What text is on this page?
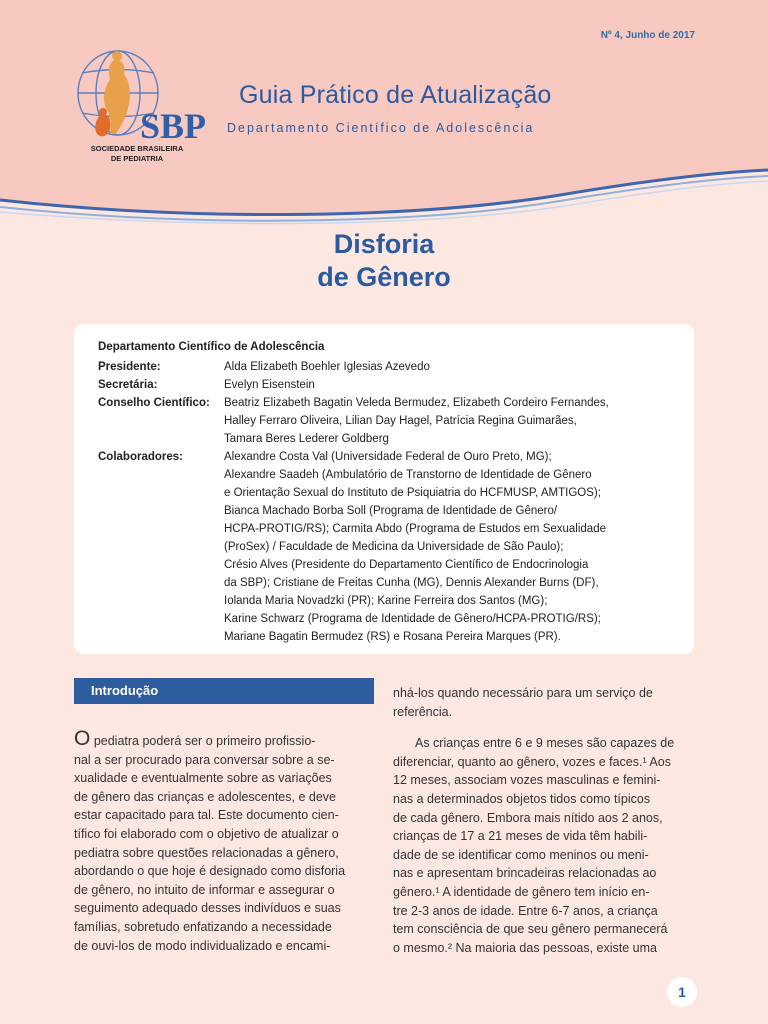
Nº 4, Junho de 2017
SBP
SOCIEDADE BRASILEIRA
DE PEDIATRIA
Guia Prático de Atualização
Departamento Científico de Adolescência
Disforia
de Gênero
Departamento Científico de Adolescência
Presidente:	Alda Elizabeth Boehler Iglesias Azevedo
Secretária:	Evelyn Eisenstein
Conselho Científico:	Beatriz Elizabeth Bagatin Veleda Bermudez, Elizabeth Cordeiro Fernandes,
Halley Ferraro Oliveira, Lilian Day Hagel, Patrícia Regina Guimarães,
Tamara Beres Lederer Goldberg
Colaboradores:	Alexandre Costa Val (Universidade Federal de Ouro Preto, MG);
Alexandre Saadeh (Ambulatório de Transtorno de Identidade de Gênero
e Orientação Sexual do Instituto de Psiquiatria do HCFMUSP, AMTIGOS);
Bianca Machado Borba Soll (Programa de Identidade de Gênero/
HCPA-PROTIG/RS); Carmita Abdo (Programa de Estudos em Sexualidade
(ProSex) / Faculdade de Medicina da Universidade de São Paulo);
Crésio Alves (Presidente do Departamento Científico de Endocrinologia
da SBP); Cristiane de Freitas Cunha (MG), Dennis Alexander Burns (DF),
Iolanda Maria Novadzki (PR); Karine Ferreira dos Santos (MG);
Karine Schwarz (Programa de Identidade de Gênero/HCPA-PROTIG/RS);
Mariane Bagatin Bermudez (RS) e Rosana Pereira Marques (PR).
Introdução
O pediatra poderá ser o primeiro profissio-
nal a ser procurado para conversar sobre a se-
xualidade e eventualmente sobre as variações
de gênero das crianças e adolescentes, e deve
estar capacitado para tal. Este documento cien-
tífico foi elaborado com o objetivo de atualizar o
pediatra sobre questões relacionadas a gênero,
abordando o que hoje é designado como disforia
de gênero, no intuito de informar e assegurar o
seguimento adequado desses indivíduos e suas
famílias, sobretudo enfatizando a necessidade
de ouvi-los de modo individualizado e encami-
nhá-los quando necessário para um serviço de
referência.
As crianças entre 6 e 9 meses são capazes de
diferenciar, quanto ao gênero, vozes e faces.¹ Aos
12 meses, associam vozes masculinas e femini-
nas a determinados objetos tidos como típicos
de cada gênero. Embora mais nítido aos 2 anos,
crianças de 17 a 21 meses de vida têm habili-
dade de se identificar como meninos ou meni-
nas e apresentam brincadeiras relacionadas ao
gênero.¹ A identidade de gênero tem início en-
tre 2-3 anos de idade. Entre 6-7 anos, a criança
tem consciência de que seu gênero permanecerá
o mesmo.² Na maioria das pessoas, existe uma
1
